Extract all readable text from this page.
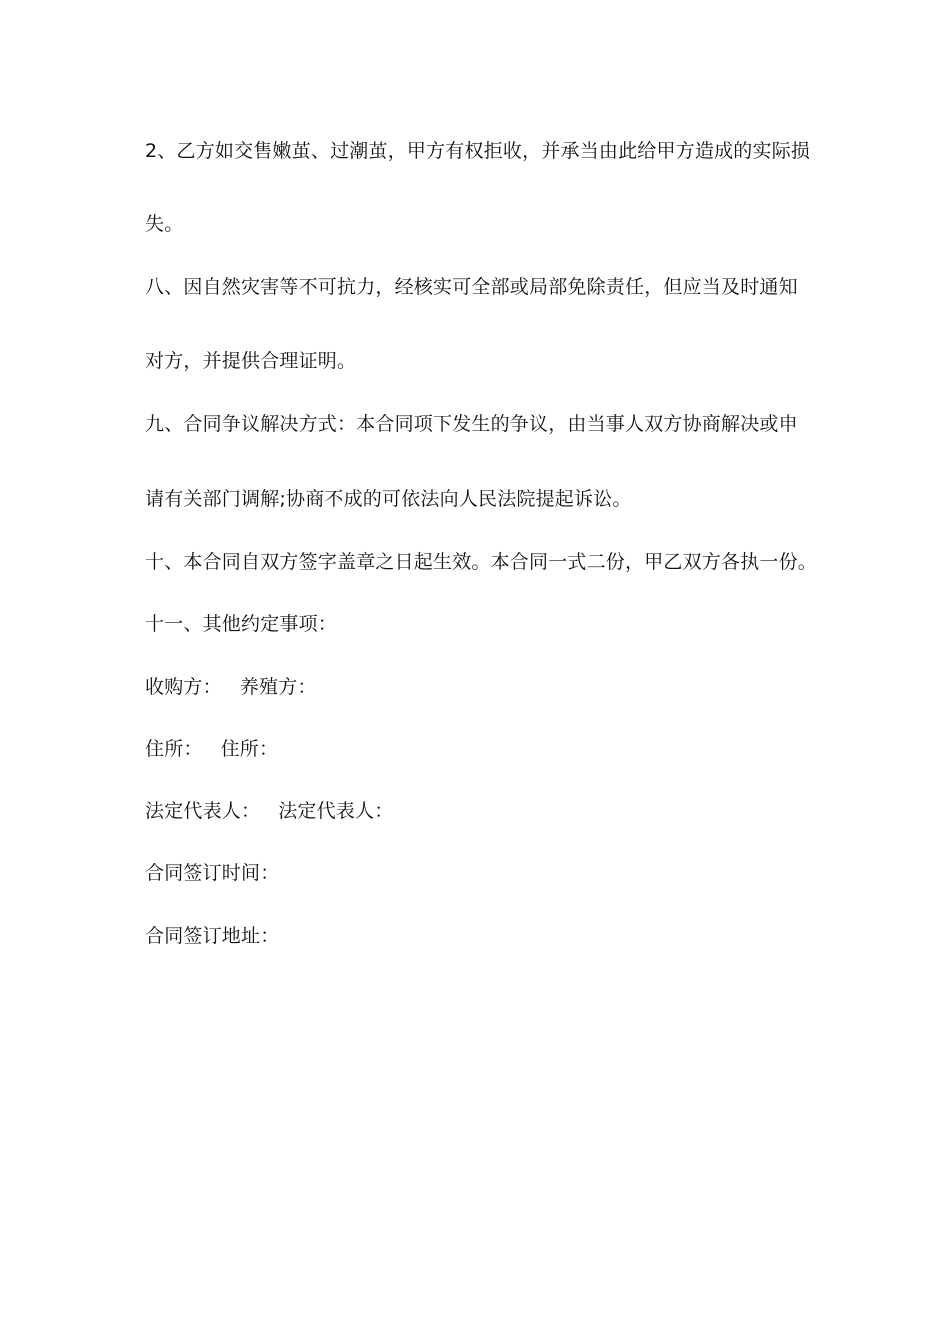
2、乙方如交售嫩茧、过潮茧，甲方有权拒收，并承当由此给甲方造成的实际损
失。
八、因自然灾害等不可抗力，经核实可全部或局部免除责任，但应当及时通知
对方，并提供合理证明。
九、合同争议解决方式：本合同项下发生的争议，由当事人双方协商解决或申
请有关部门调解;协商不成的可依法向人民法院提起诉讼。
十、本合同自双方签字盖章之日起生效。本合同一式二份，甲乙双方各执一份。
十一、其他约定事项：
收购方： 养殖方：
住所： 住所：
法定代表人： 法定代表人：
合同签订时间：
合同签订地址：
